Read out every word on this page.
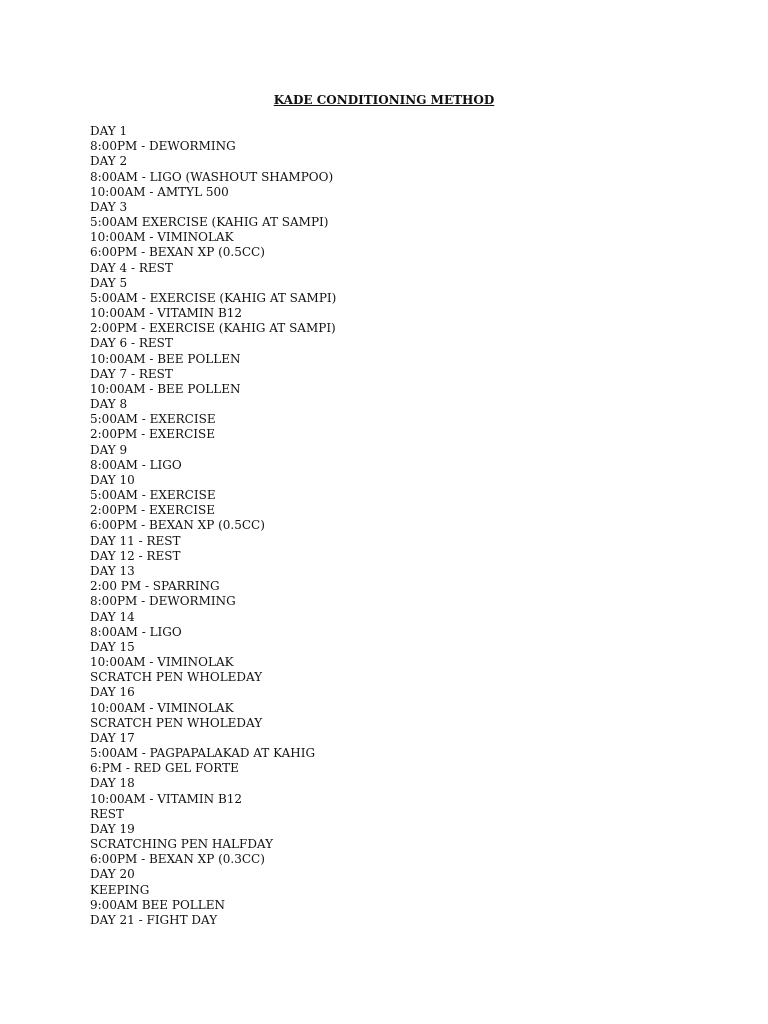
KADE CONDITIONING METHOD
DAY 1
8:00PM - DEWORMING
DAY 2
8:00AM - LIGO (WASHOUT SHAMPOO)
10:00AM - AMTYL 500
DAY 3
5:00AM EXERCISE (KAHIG AT SAMPI)
10:00AM - VIMINOLAK
6:00PM - BEXAN XP (0.5CC)
DAY 4 - REST
DAY 5
5:00AM - EXERCISE (KAHIG AT SAMPI)
10:00AM - VITAMIN B12
2:00PM - EXERCISE (KAHIG AT SAMPI)
DAY 6 - REST
10:00AM - BEE POLLEN
DAY 7 - REST
10:00AM - BEE POLLEN
DAY 8
5:00AM - EXERCISE
2:00PM - EXERCISE
DAY 9
8:00AM - LIGO
DAY 10
5:00AM - EXERCISE
2:00PM - EXERCISE
6:00PM - BEXAN XP (0.5CC)
DAY 11 - REST
DAY 12 - REST
DAY 13
2:00 PM - SPARRING
8:00PM - DEWORMING
DAY 14
8:00AM - LIGO
DAY 15
10:00AM - VIMINOLAK
SCRATCH PEN WHOLEDAY
DAY 16
10:00AM - VIMINOLAK
SCRATCH PEN WHOLEDAY
DAY 17
5:00AM - PAGPAPALAKAD AT KAHIG
6:PM - RED GEL FORTE
DAY 18
10:00AM - VITAMIN B12
REST
DAY 19
SCRATCHING PEN HALFDAY
6:00PM - BEXAN XP (0.3CC)
DAY 20
KEEPING
9:00AM BEE POLLEN
DAY 21 - FIGHT DAY
